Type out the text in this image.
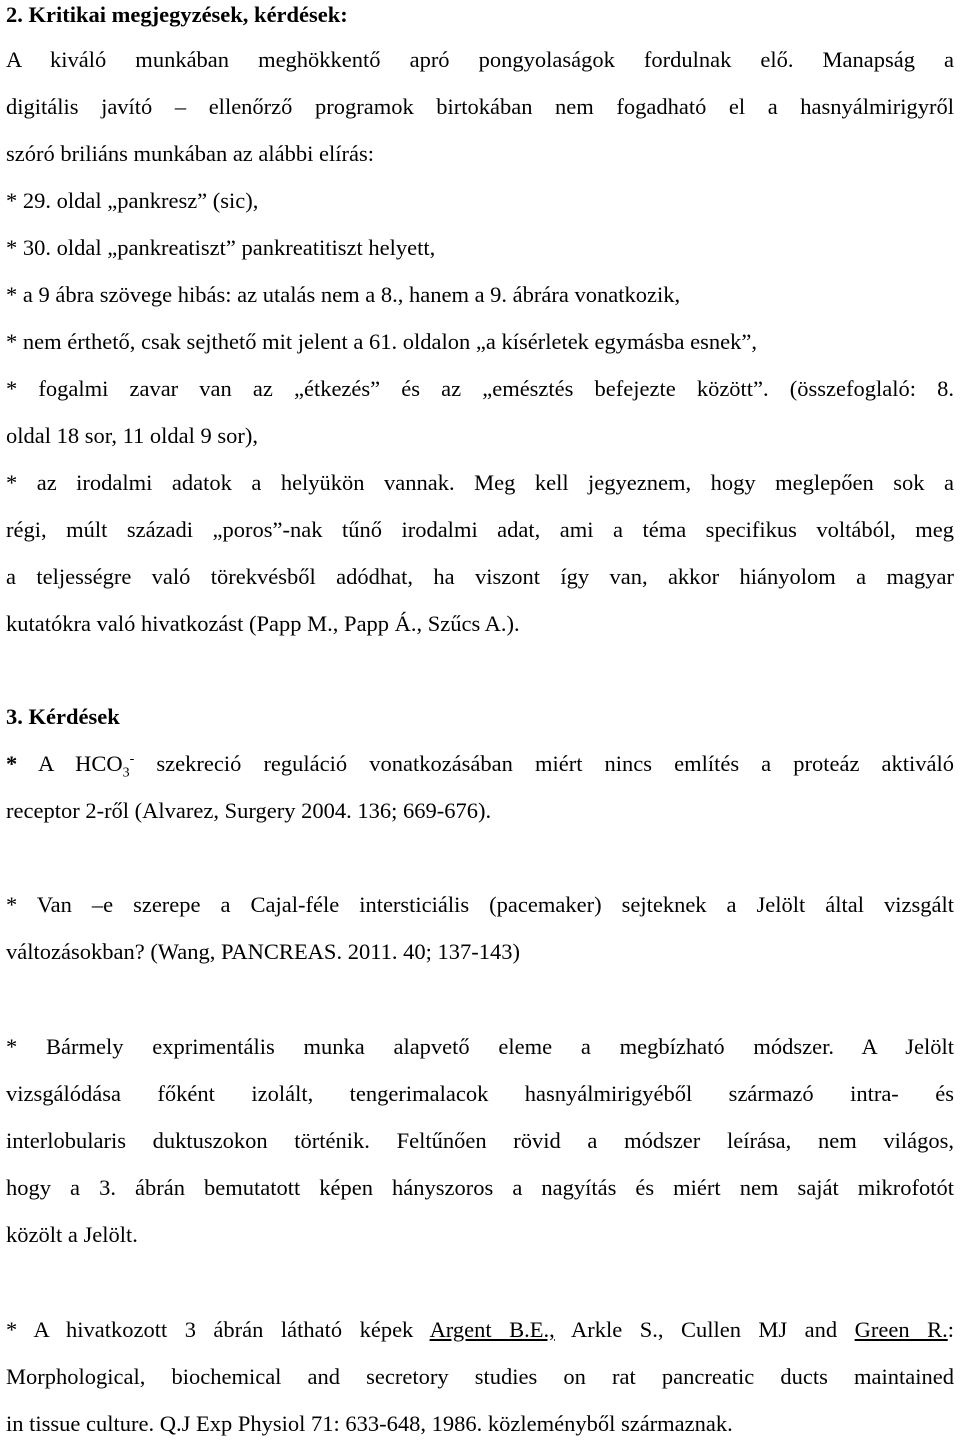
2. Kritikai megjegyzések, kérdések:
A kiváló munkában meghökkentő apró pongyolaságok fordulnak elő. Manapság a
digitális javító – ellenőrző programok birtokában nem fogadható el a hasnyálmirigyről
szóró briliáns munkában az alábbi elírás:
* 29. oldal „pankresz” (sic),
* 30. oldal „pankreatiszt” pankreatitiszt helyett,
* a 9 ábra szövege hibás: az utalás nem a 8., hanem a 9. ábrára vonatkozik,
* nem érthető, csak sejthető mit jelent a 61. oldalon „a kísérletek egymásba esnek”,
* fogalmi zavar van az „étkezés” és az „emésztés befejezte között”. (összefoglaló: 8.
oldal 18 sor, 11 oldal 9 sor),
* az irodalmi adatok a helyükön vannak. Meg kell jegyeznem, hogy meglepően sok a
régi, múlt századi „poros”-nak tűnő irodalmi adat, ami a téma specifikus voltából, meg
a teljességre való törekvésből adódhat, ha viszont így van, akkor hiányolom a magyar
kutatókra való hivatkozást (Papp M., Papp Á., Szűcs A.).
3. Kérdések
* A $HCO_3^-$ szekreció reguláció vonatkozásában miért nincs említés a proteáz aktiváló
receptor 2-ről (Alvarez, Surgery 2004. 136; 669-676).
* Van –e szerepe a Cajal-féle intersticiális (pacemaker) sejteknek a Jelölt által vizsgált
változásokban? (Wang, PANCREAS. 2011. 40; 137-143)
* Bármely exprimentális munka alapvető eleme a megbízható módszer. A Jelölt
vizsgálódása főként izolált, tengerimalacok hasnyálmirigyéből származó intra- és
interlobularis duktuszokon történik. Feltűnően rövid a módszer leírása, nem világos,
hogy a 3. ábrán bemutatott képen hányszoros a nagyítás és miért nem saját mikrofotót
közölt a Jelölt.
* A hivatkozott 3 ábrán látható képek Argent B.E., Arkle S., Cullen MJ and Green R.:
Morphological, biochemical and secretory studies on rat pancreatic ducts maintained
in tissue culture. Q.J Exp Physiol 71: 633-648, 1986. közleményből származnak.
